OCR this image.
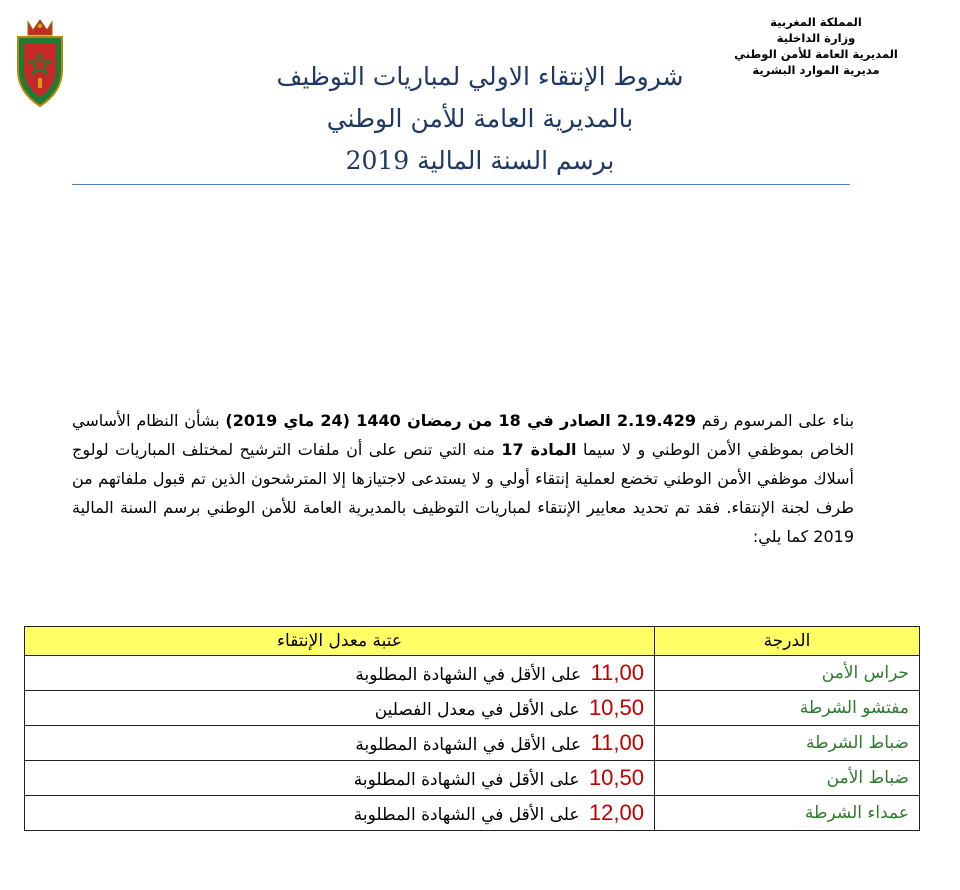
المملكة المغربية
وزارة الداخلية
المديرية العامة للأمن الوطني
مديرية الموارد البشرية
شروط الإنتقاء الاولي لمباريات التوظيف
بالمديرية العامة للأمن الوطني
برسم السنة المالية 2019
بناء على المرسوم رقم 2.19.429 الصادر في 18 من رمضان 1440 (24 ماي 2019) بشأن النظام الأساسي الخاص بموظفي الأمن الوطني و لا سيما المادة 17 منه التي تنص على أن ملفات الترشيح لمختلف المباريات لولوج أسلاك موظفي الأمن الوطني تخضع لعملية إنتقاء أولي و لا يستدعى لاجتيازها إلا المترشحون الذين تم قبول ملفاتهم من طرف لجنة الإنتقاء. فقد تم تحديد معايير الإنتقاء لمباريات التوظيف بالمديرية العامة للأمن الوطني برسم السنة المالية 2019 كما يلي:
الدرجة	عتبة معدل الإنتقاء
حراس الأمن	11,00 على الأقل في الشهادة المطلوبة
مفتشو الشرطة	10,50 على الأقل في معدل الفصلين
ضباط الشرطة	11,00 على الأقل في الشهادة المطلوبة
ضباط الأمن	10,50 على الأقل في الشهادة المطلوبة
عمداء الشرطة	12,00 على الأقل في الشهادة المطلوبة
